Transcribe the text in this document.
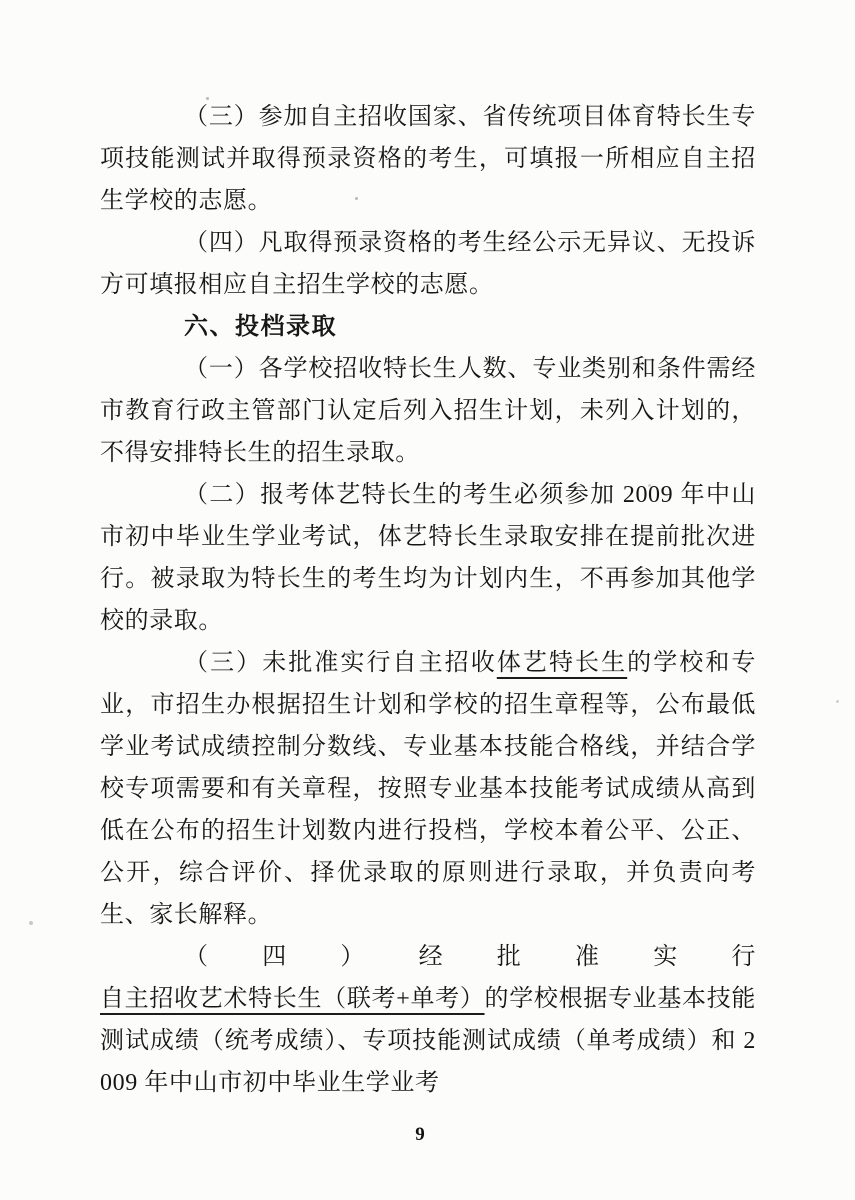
（三）参加自主招收国家、省传统项目体育特长生专项技能测试并取得预录资格的考生，可填报一所相应自主招生学校的志愿。

（四）凡取得预录资格的考生经公示无异议、无投诉方可填报相应自主招生学校的志愿。

六、投档录取

（一）各学校招收特长生人数、专业类别和条件需经市教育行政主管部门认定后列入招生计划，未列入计划的，不得安排特长生的招生录取。

（二）报考体艺特长生的考生必须参加 2009 年中山市初中毕业生学业考试，体艺特长生录取安排在提前批次进行。被录取为特长生的考生均为计划内生，不再参加其他学校的录取。

（三）未批准实行自主招收体艺特长生的学校和专业，市招生办根据招生计划和学校的招生章程等，公布最低学业考试成绩控制分数线、专业基本技能合格线，并结合学校专项需要和有关章程，按照专业基本技能考试成绩从高到低在公布的招生计划数内进行投档，学校本着公平、公正、公开，综合评价、择优录取的原则进行录取，并负责向考生、家长解释。

（四）经批准实行自主招收艺术特长生（联考+单考）的学校根据专业基本技能测试成绩（统考成绩）、专项技能测试成绩（单考成绩）和 2009 年中山市初中毕业生学业考

9
